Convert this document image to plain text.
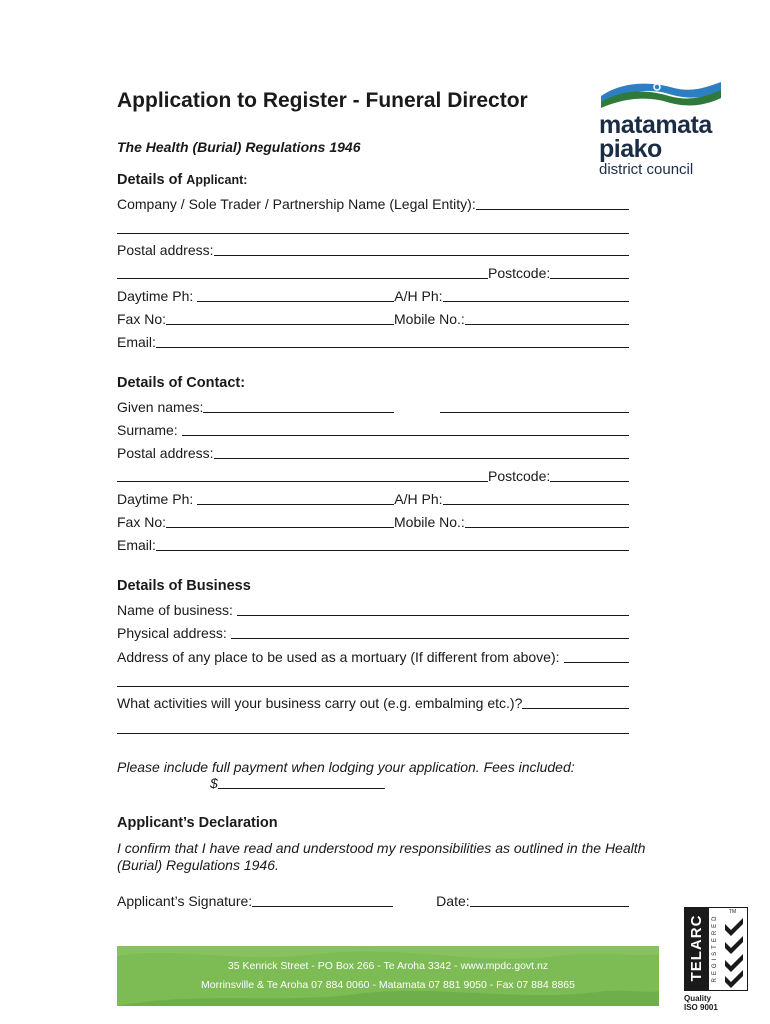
Application to Register - Funeral Director
The Health (Burial) Regulations 1946
matamata
piako
district council
Details of Applicant:
Company / Sole Trader / Partnership Name (Legal Entity):
Postal address:
Postcode:
Daytime Ph:	A/H Ph:
Fax No:	Mobile No.:
Email:
Details of Contact:
Given names:
Surname:
Postal address:
Postcode:
Daytime Ph:	A/H Ph:
Fax No:	Mobile No.:
Email:
Details of Business
Name of business:
Physical address:
Address of any place to be used as a mortuary (If different from above):
What activities will your business carry out (e.g. embalming etc.)?
Please include full payment when lodging your application. Fees included:
$
Applicant’s Declaration
I confirm that I have read and understood my responsibilities as outlined in the Health (Burial) Regulations 1946.
Applicant’s Signature:	Date:
35 Kenrick Street - PO Box 266 - Te Aroha 3342 - www.mpdc.govt.nz
Morrinsville & Te Aroha 07 884 0060 - Matamata 07 881 9050 - Fax 07 884 8865
TELARC	REGISTERED
TM
Quality
ISO 9001
